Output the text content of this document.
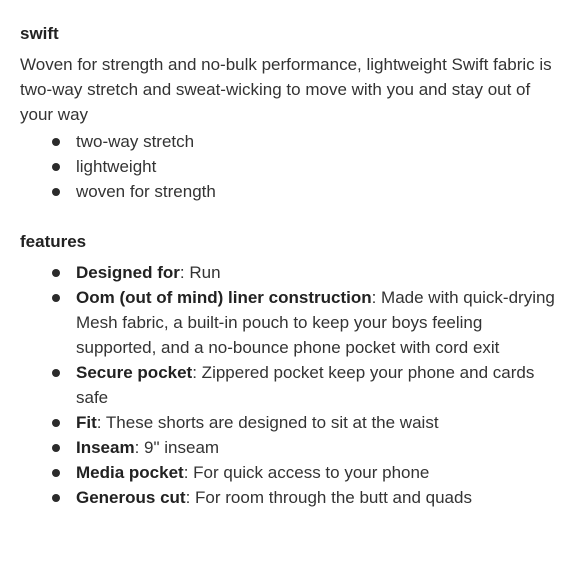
swift

Woven for strength and no-bulk performance, lightweight Swift fabric is two-way stretch and sweat-wicking to move with you and stay out of your way

two-way stretch
lightweight
woven for strength
features
Designed for: Run
Oom (out of mind) liner construction: Made with quick-drying Mesh fabric, a built-in pouch to keep your boys feeling supported, and a no-bounce phone pocket with cord exit
Secure pocket: Zippered pocket keep your phone and cards safe
Fit: These shorts are designed to sit at the waist
Inseam: 9" inseam
Media pocket: For quick access to your phone
Generous cut: For room through the butt and quads
